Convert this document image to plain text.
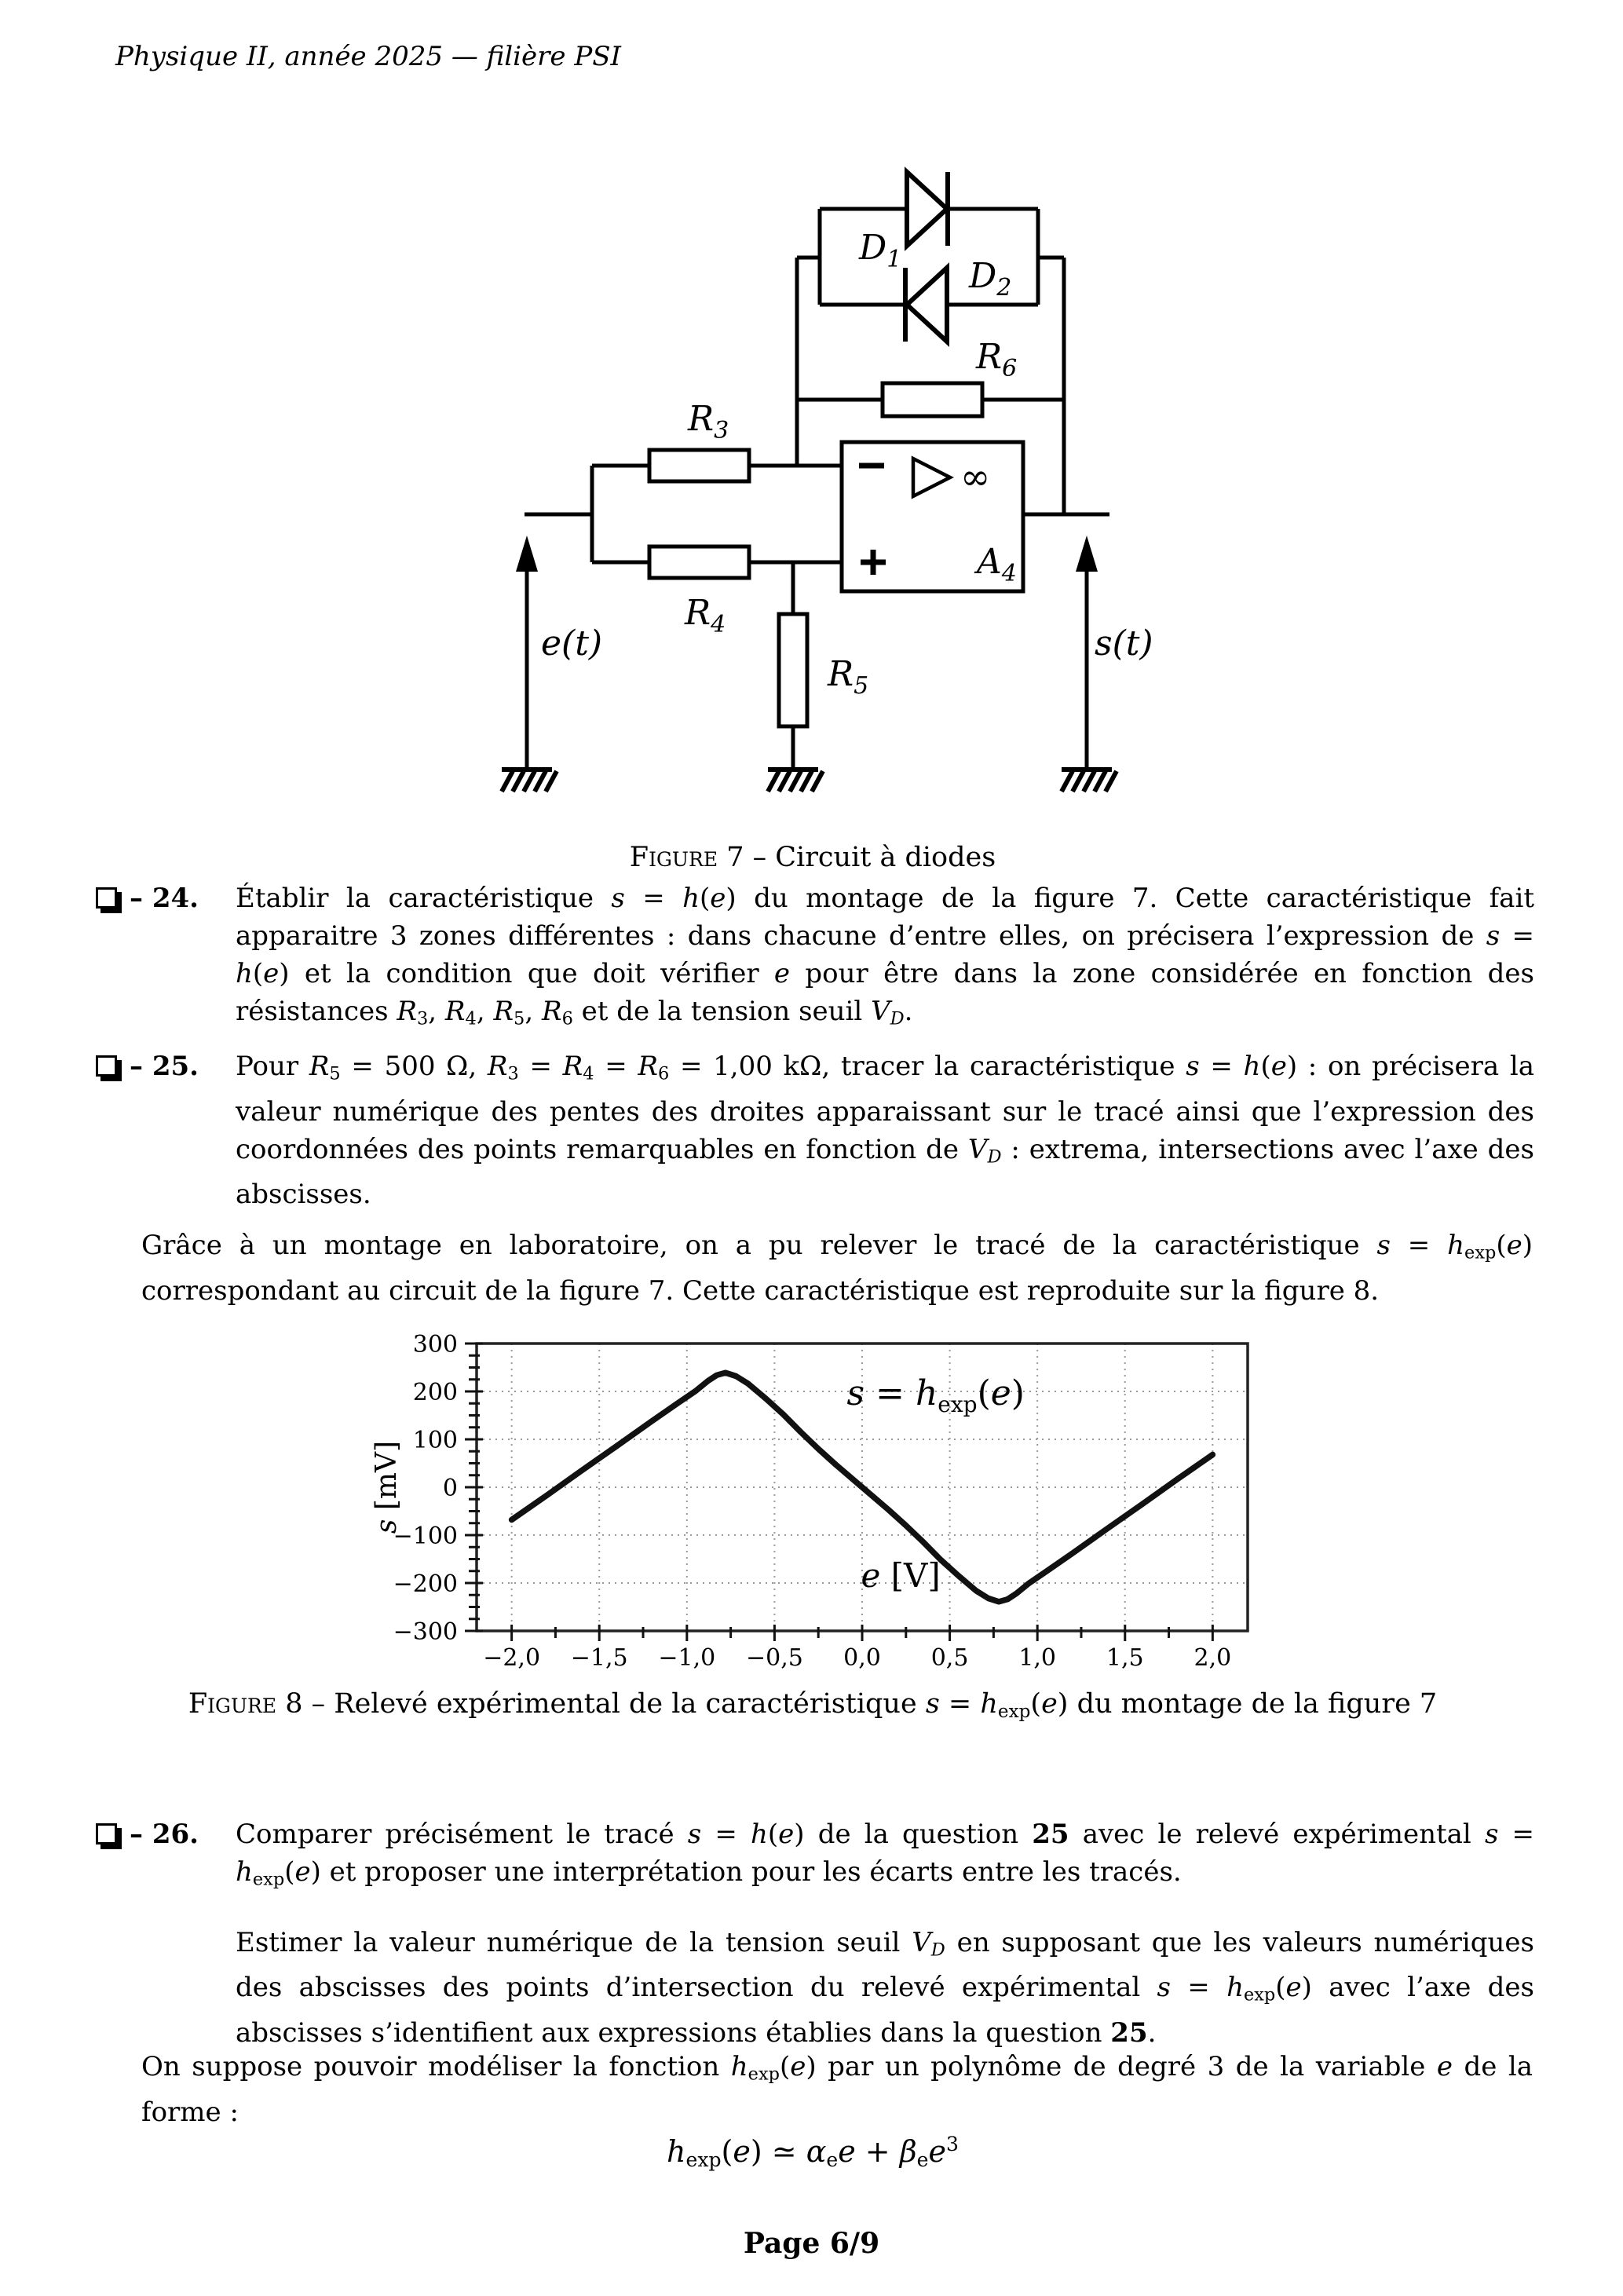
Physique II, année 2025 — filière PSI
$D_1$ $D_2$
$R_6$
$R_3$
$R_4$
$R_5$
$A_4$
∞
e(t)	s(t)
Figure 7 – Circuit à diodes
– 24.	Établir la caractéristique s = h(e) du montage de la figure 7. Cette caractéristique fait apparaitre 3 zones différentes : dans chacune d’entre elles, on précisera l’expression de s = h(e) et la condition que doit vérifier e pour être dans la zone considérée en fonction des résistances R3, R4, R5, R6 et de la tension seuil VD.
– 25.	Pour R5 = 500 Ω, R3 = R4 = R6 = 1,00 kΩ, tracer la caractéristique s = h(e) : on précisera la valeur numérique des pentes des droites apparaissant sur le tracé ainsi que l’expression des coordonnées des points remarquables en fonction de VD : extrema, intersections avec l’axe des abscisses.
Grâce à un montage en laboratoire, on a pu relever le tracé de la caractéristique s = hexp(e) correspondant au circuit de la figure 7. Cette caractéristique est reproduite sur la figure 8.
−2,0 −1,5 −1,0 −0,5 0,0 0,5 1,0 1,5 2,0
300
200
100
0
−100
−200
−300
s [mV]
$s = h_{exp}(e)$
e [V]
Figure 8 – Relevé expérimental de la caractéristique s = hexp(e) du montage de la figure 7
– 26.	Comparer précisément le tracé s = h(e) de la question 25 avec le relevé expérimental s = hexp(e) et proposer une interprétation pour les écarts entre les tracés.
Estimer la valeur numérique de la tension seuil VD en supposant que les valeurs numériques des abscisses des points d’intersection du relevé expérimental s = hexp(e) avec l’axe des abscisses s’identifient aux expressions établies dans la question 25.
On suppose pouvoir modéliser la fonction hexp(e) par un polynôme de degré 3 de la variable e de la forme :
hexp(e) ≃ αee + βee$^3$
Page 6/9
